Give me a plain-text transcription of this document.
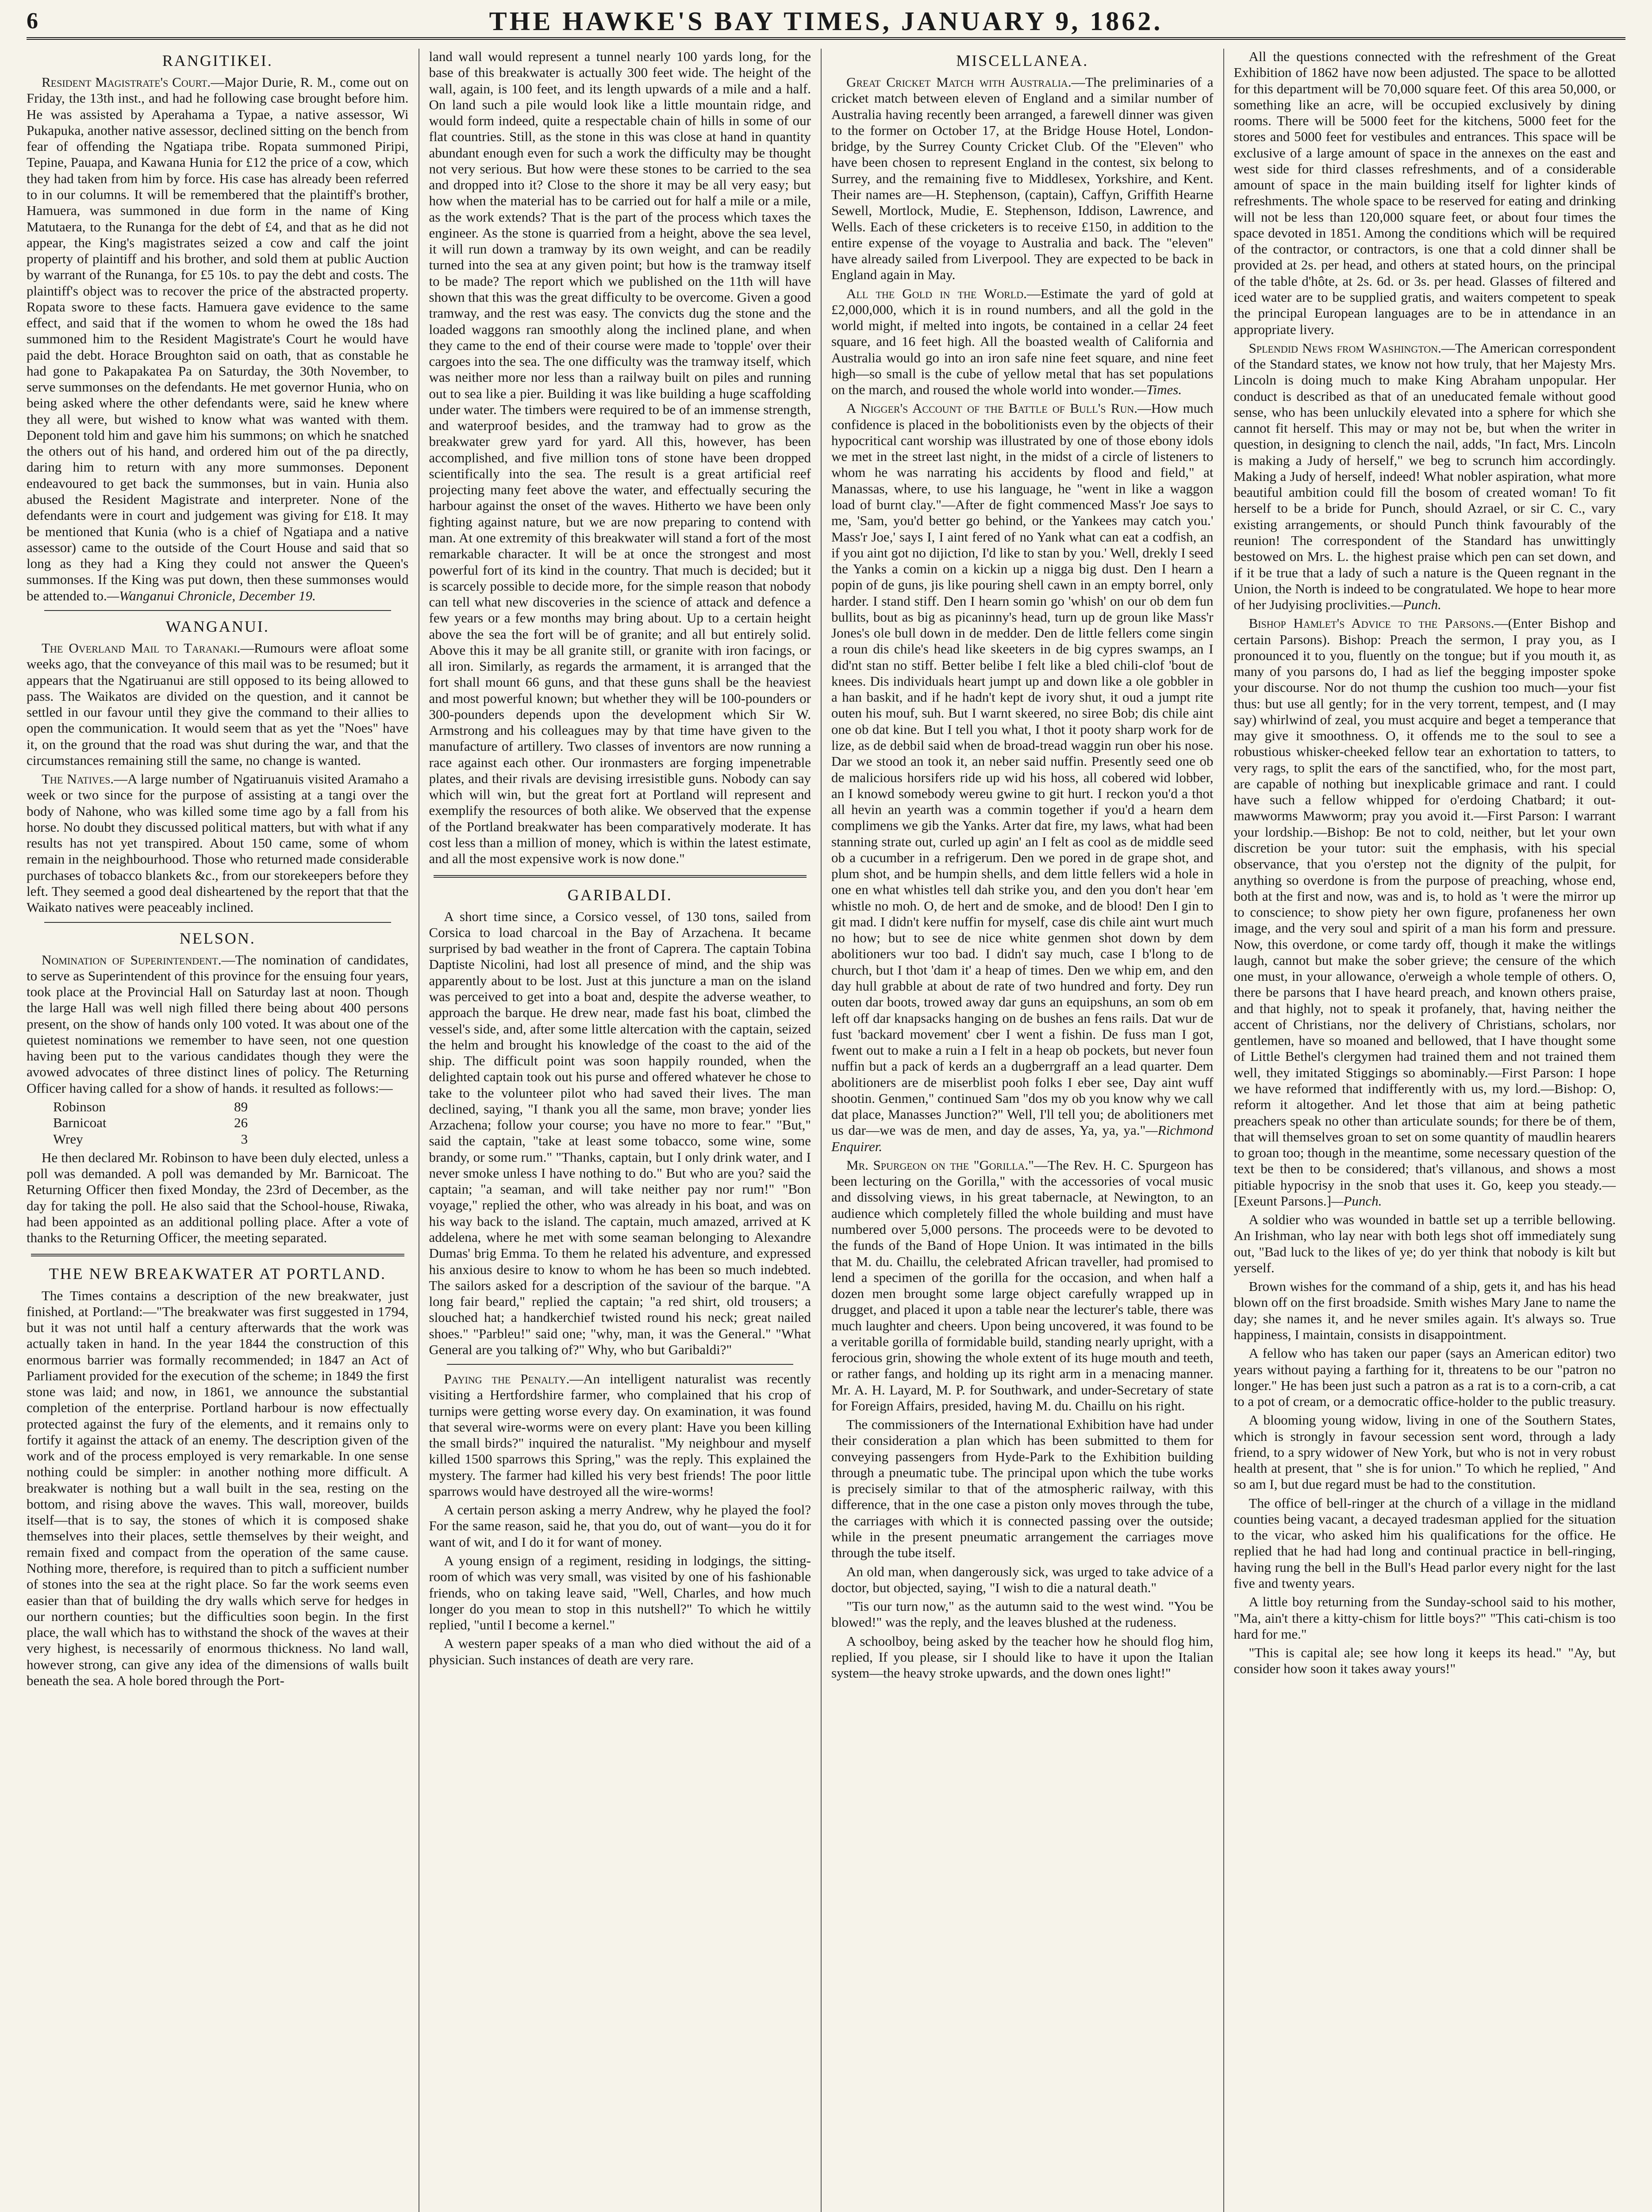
6	THE HAWKE'S BAY TIMES, JANUARY 9, 1862.
RANGITIKEI.

Resident Magistrate's Court.—Major Durie, R. M., come out on Friday, the 13th inst., and had he following case brought before him. He was assisted by Aperahama a Typae, a native assessor, Wi Pukapuka, another native assessor, declined sitting on the bench from fear of offending the Ngatiapa tribe. Ropata summoned Piripi, Tepine, Pauapa, and Kawana Hunia for £12 the price of a cow, which they had taken from him by force. His case has already been referred to in our columns. It will be remembered that the plaintiff's brother, Hamuera, was summoned in due form in the name of King Matutaera, to the Runanga for the debt of £4, and that as he did not appear, the King's magistrates seized a cow and calf the joint property of plaintiff and his brother, and sold them at public Auction by warrant of the Runanga, for £5 10s. to pay the debt and costs. The plaintiff's object was to recover the price of the abstracted property. Ropata swore to these facts. Hamuera gave evidence to the same effect, and said that if the women to whom he owed the 18s had summoned him to the Resident Magistrate's Court he would have paid the debt. Horace Broughton said on oath, that as constable he had gone to Pakapakatea Pa on Saturday, the 30th November, to serve summonses on the defendants. He met governor Hunia, who on being asked where the other defendants were, said he knew where they all were, but wished to know what was wanted with them. Deponent told him and gave him his summons; on which he snatched the others out of his hand, and ordered him out of the pa directly, daring him to return with any more summonses. Deponent endeavoured to get back the summonses, but in vain. Hunia also abused the Resident Magistrate and interpreter. None of the defendants were in court and judgement was giving for £18. It may be mentioned that Kunia (who is a chief of Ngatiapa and a native assessor) came to the outside of the Court House and said that so long as they had a King they could not answer the Queen's summonses. If the King was put down, then these summonses would be attended to.—Wanganui Chronicle, December 19.

WANGANUI.

The Overland Mail to Taranaki.—Rumours were afloat some weeks ago, that the conveyance of this mail was to be resumed; but it appears that the Ngatiruanui are still opposed to its being allowed to pass. The Waikatos are divided on the question, and it cannot be settled in our favour until they give the command to their allies to open the communication. It would seem that as yet the "Noes" have it, on the ground that the road was shut during the war, and that the circumstances remaining still the same, no change is wanted.

The Natives.—A large number of Ngatiruanuis visited Aramaho a week or two since for the purpose of assisting at a tangi over the body of Nahone, who was killed some time ago by a fall from his horse. No doubt they discussed political matters, but with what if any results has not yet transpired. About 150 came, some of whom remain in the neighbourhood. Those who returned made considerable purchases of tobacco blankets &c., from our storekeepers before they left. They seemed a good deal disheartened by the report that that the Waikato natives were peaceably inclined.

NELSON.

Nomination of Superintendent.—The nomination of candidates, to serve as Superintendent of this province for the ensuing four years, took place at the Provincial Hall on Saturday last at noon. Though the large Hall was well nigh filled there being about 400 persons present, on the show of hands only 100 voted. It was about one of the quietest nominations we remember to have seen, not one question having been put to the various candidates though they were the avowed advocates of three distinct lines of policy. The Returning Officer having called for a show of hands. it resulted as follows:—

Robinson	89
Barnicoat	26
Wrey	3

He then declared Mr. Robinson to have been duly elected, unless a poll was demanded. A poll was demanded by Mr. Barnicoat. The Returning Officer then fixed Monday, the 23rd of December, as the day for taking the poll. He also said that the School-house, Riwaka, had been appointed as an additional polling place. After a vote of thanks to the Returning Officer, the meeting separated.

THE NEW BREAKWATER AT PORTLAND.

The Times contains a description of the new breakwater, just finished, at Portland:—"The breakwater was first suggested in 1794, but it was not until half a century afterwards that the work was actually taken in hand. In the year 1844 the construction of this enormous barrier was formally recommended; in 1847 an Act of Parliament provided for the execution of the scheme; in 1849 the first stone was laid; and now, in 1861, we announce the substantial completion of the enterprise. Portland harbour is now effectually protected against the fury of the elements, and it remains only to fortify it against the attack of an enemy. The description given of the work and of the process employed is very remarkable. In one sense nothing could be simpler: in another nothing more difficult. A breakwater is nothing but a wall built in the sea, resting on the bottom, and rising above the waves. This wall, moreover, builds itself—that is to say, the stones of which it is composed shake themselves into their places, settle themselves by their weight, and remain fixed and compact from the operation of the same cause. Nothing more, therefore, is required than to pitch a sufficient number of stones into the sea at the right place. So far the work seems even easier than that of building the dry walls which serve for hedges in our northern counties; but the difficulties soon begin. In the first place, the wall which has to withstand the shock of the waves at their very highest, is necessarily of enormous thickness. No land wall, however strong, can give any idea of the dimensions of walls built beneath the sea. A hole bored through the Port-

land wall would represent a tunnel nearly 100 yards long, for the base of this breakwater is actually 300 feet wide. The height of the wall, again, is 100 feet, and its length upwards of a mile and a half. On land such a pile would look like a little mountain ridge, and would form indeed, quite a respectable chain of hills in some of our flat countries. Still, as the stone in this was close at hand in quantity abundant enough even for such a work the difficulty may be thought not very serious. But how were these stones to be carried to the sea and dropped into it? Close to the shore it may be all very easy; but how when the material has to be carried out for half a mile or a mile, as the work extends? That is the part of the process which taxes the engineer. As the stone is quarried from a height, above the sea level, it will run down a tramway by its own weight, and can be readily turned into the sea at any given point; but how is the tramway itself to be made? The report which we published on the 11th will have shown that this was the great difficulty to be overcome. Given a good tramway, and the rest was easy. The convicts dug the stone and the loaded waggons ran smoothly along the inclined plane, and when they came to the end of their course were made to 'topple' over their cargoes into the sea. The one difficulty was the tramway itself, which was neither more nor less than a railway built on piles and running out to sea like a pier. Building it was like building a huge scaffolding under water. The timbers were required to be of an immense strength, and waterproof besides, and the tramway had to grow as the breakwater grew yard for yard. All this, however, has been accomplished, and five million tons of stone have been dropped scientifically into the sea. The result is a great artificial reef projecting many feet above the water, and effectually securing the harbour against the onset of the waves. Hitherto we have been only fighting against nature, but we are now preparing to contend with man. At one extremity of this breakwater will stand a fort of the most remarkable character. It will be at once the strongest and most powerful fort of its kind in the country. That much is decided; but it is scarcely possible to decide more, for the simple reason that nobody can tell what new discoveries in the science of attack and defence a few years or a few months may bring about. Up to a certain height above the sea the fort will be of granite; and all but entirely solid. Above this it may be all granite still, or granite with iron facings, or all iron. Similarly, as regards the armament, it is arranged that the fort shall mount 66 guns, and that these guns shall be the heaviest and most powerful known; but whether they will be 100-pounders or 300-pounders depends upon the development which Sir W. Armstrong and his colleagues may by that time have given to the manufacture of artillery. Two classes of inventors are now running a race against each other. Our ironmasters are forging impenetrable plates, and their rivals are devising irresistible guns. Nobody can say which will win, but the great fort at Portland will represent and exemplify the resources of both alike. We observed that the expense of the Portland breakwater has been comparatively moderate. It has cost less than a million of money, which is within the latest estimate, and all the most expensive work is now done."

GARIBALDI.

A short time since, a Corsico vessel, of 130 tons, sailed from Corsica to load charcoal in the Bay of Arzachena. It became surprised by bad weather in the front of Caprera. The captain Tobina Daptiste Nicolini, had lost all presence of mind, and the ship was apparently about to be lost. Just at this juncture a man on the island was perceived to get into a boat and, despite the adverse weather, to approach the barque. He drew near, made fast his boat, climbed the vessel's side, and, after some little altercation with the captain, seized the helm and brought his knowledge of the coast to the aid of the ship. The difficult point was soon happily rounded, when the delighted captain took out his purse and offered whatever he chose to take to the volunteer pilot who had saved their lives. The man declined, saying, "I thank you all the same, mon brave; yonder lies Arzachena; follow your course; you have no more to fear." "But," said the captain, "take at least some tobacco, some wine, some brandy, or some rum." "Thanks, captain, but I only drink water, and I never smoke unless I have nothing to do." But who are you? said the captain; "a seaman, and will take neither pay nor rum!" "Bon voyage," replied the other, who was already in his boat, and was on his way back to the island. The captain, much amazed, arrived at K addelena, where he met with some seaman belonging to Alexandre Dumas' brig Emma. To them he related his adventure, and expressed his anxious desire to know to whom he has been so much indebted. The sailors asked for a description of the saviour of the barque. "A long fair beard," replied the captain; "a red shirt, old trousers; a slouched hat; a handkerchief twisted round his neck; great nailed shoes." "Parbleu!" said one; "why, man, it was the General." "What General are you talking of?" Why, who but Garibaldi?"

Paying the Penalty.—An intelligent naturalist was recently visiting a Hertfordshire farmer, who complained that his crop of turnips were getting worse every day. On examination, it was found that several wire-worms were on every plant: Have you been killing the small birds?" inquired the naturalist. "My neighbour and myself killed 1500 sparrows this Spring," was the reply. This explained the mystery. The farmer had killed his very best friends! The poor little sparrows would have destroyed all the wire-worms!

A certain person asking a merry Andrew, why he played the fool? For the same reason, said he, that you do, out of want—you do it for want of wit, and I do it for want of money.

A young ensign of a regiment, residing in lodgings, the sitting-room of which was very small, was visited by one of his fashionable friends, who on taking leave said, "Well, Charles, and how much longer do you mean to stop in this nutshell?" To which he wittily replied, "until I become a kernel."

A western paper speaks of a man who died without the aid of a physician. Such instances of death are very rare.

MISCELLANEA.

Great Cricket Match with Australia.—The preliminaries of a cricket match between eleven of England and a similar number of Australia having recently been arranged, a farewell dinner was given to the former on October 17, at the Bridge House Hotel, London-bridge, by the Surrey County Cricket Club. Of the "Eleven" who have been chosen to represent England in the contest, six belong to Surrey, and the remaining five to Middlesex, Yorkshire, and Kent. Their names are—H. Stephenson, (captain), Caffyn, Griffith Hearne Sewell, Mortlock, Mudie, E. Stephenson, Iddison, Lawrence, and Wells. Each of these cricketers is to receive £150, in addition to the entire expense of the voyage to Australia and back. The "eleven" have already sailed from Liverpool. They are expected to be back in England again in May.

All the Gold in the World.—Estimate the yard of gold at £2,000,000, which it is in round numbers, and all the gold in the world might, if melted into ingots, be contained in a cellar 24 feet square, and 16 feet high. All the boasted wealth of California and Australia would go into an iron safe nine feet square, and nine feet high—so small is the cube of yellow metal that has set populations on the march, and roused the whole world into wonder.—Times.

A Nigger's Account of the Battle of Bull's Run.—How much confidence is placed in the bobolitionists even by the objects of their hypocritical cant worship was illustrated by one of those ebony idols we met in the street last night, in the midst of a circle of listeners to whom he was narrating his accidents by flood and field," at Manassas, where, to use his language, he "went in like a waggon load of burnt clay."—After de fight commenced Mass'r Joe says to me, 'Sam, you'd better go behind, or the Yankees may catch you.' Mass'r Joe,' says I, I aint fered of no Yank what can eat a codfish, an if you aint got no dijiction, I'd like to stan by you.' Well, drekly I seed the Yanks a comin on a kickin up a nigga big dust. Den I hearn a popin of de guns, jis like pouring shell cawn in an empty borrel, only harder. I stand stiff. Den I hearn somin go 'whish' on our ob dem fun bullits, bout as big as picaninny's head, turn up de groun like Mass'r Jones's ole bull down in de medder. Den de little fellers come singin a roun dis chile's head like skeeters in de big cypres swamps, an I did'nt stan no stiff. Better belibe I felt like a bled chili-clof 'bout de knees. Dis individuals heart jumpt up and down like a ole gobbler in a han baskit, and if he hadn't kept de ivory shut, it oud a jumpt rite outen his mouf, suh. But I warnt skeered, no siree Bob; dis chile aint one ob dat kine. But I tell you what, I thot it pooty sharp work for de lize, as de debbil said when de broad-tread waggin run ober his nose. Dar we stood an took it, an neber said nuffin. Presently seed one ob de malicious horsifers ride up wid his hoss, all cobered wid lobber, an I knowd somebody wereu gwine to git hurt. I reckon you'd a thot all hevin an yearth was a commin together if you'd a hearn dem complimens we gib the Yanks. Arter dat fire, my laws, what had been stanning strate out, curled up agin' an I felt as cool as de middle seed ob a cucumber in a refrigerum. Den we pored in de grape shot, and plum shot, and be humpin shells, and dem little fellers wid a hole in one en what whistles tell dah strike you, and den you don't hear 'em whistle no moh. O, de hert and de smoke, and de blood! Den I gin to git mad. I didn't kere nuffin for myself, case dis chile aint wurt much no how; but to see de nice white genmen shot down by dem abolitioners wur too bad. I didn't say much, case I b'long to de church, but I thot 'dam it' a heap of times. Den we whip em, and den day hull grabble at about de rate of two hundred and forty. Dey run outen dar boots, trowed away dar guns an equipshuns, an som ob em left off dar knapsacks hanging on de bushes an fens rails. Dat wur de fust 'backard movement' cber I went a fishin. De fuss man I got, fwent out to make a ruin a I felt in a heap ob pockets, but never foun nuffin but a pack of kerds an a dugberrgraff an a lead quarter. Dem abolitioners are de miserblist pooh folks I eber see, Day aint wuff shootin. Genmen," continued Sam "dos my ob you know why we call dat place, Manasses Junction?" Well, I'll tell you; de abolitioners met us dar—we was de men, and day de asses, Ya, ya, ya."—Richmond Enquirer.

Mr. Spurgeon on the "Gorilla."—The Rev. H. C. Spurgeon has been lecturing on the Gorilla," with the accessories of vocal music and dissolving views, in his great tabernacle, at Newington, to an audience which completely filled the whole building and must have numbered over 5,000 persons. The proceeds were to be devoted to the funds of the Band of Hope Union. It was intimated in the bills that M. du. Chaillu, the celebrated African traveller, had promised to lend a specimen of the gorilla for the occasion, and when half a dozen men brought some large object carefully wrapped up in drugget, and placed it upon a table near the lecturer's table, there was much laughter and cheers. Upon being uncovered, it was found to be a veritable gorilla of formidable build, standing nearly upright, with a ferocious grin, showing the whole extent of its huge mouth and teeth, or rather fangs, and holding up its right arm in a menacing manner. Mr. A. H. Layard, M. P. for Southwark, and under-Secretary of state for Foreign Affairs, presided, having M. du. Chaillu on his right.

The commissioners of the International Exhibition have had under their consideration a plan which has been submitted to them for conveying passengers from Hyde-Park to the Exhibition building through a pneumatic tube. The principal upon which the tube works is precisely similar to that of the atmospheric railway, with this difference, that in the one case a piston only moves through the tube, the carriages with which it is connected passing over the outside; while in the present pneumatic arrangement the carriages move through the tube itself.

An old man, when dangerously sick, was urged to take advice of a doctor, but objected, saying, "I wish to die a natural death."

"Tis our turn now," as the autumn said to the west wind. "You be blowed!" was the reply, and the leaves blushed at the rudeness.

A schoolboy, being asked by the teacher how he should flog him, replied, If you please, sir I should like to have it upon the Italian system—the heavy stroke upwards, and the down ones light!"

All the questions connected with the refreshment of the Great Exhibition of 1862 have now been adjusted. The space to be allotted for this department will be 70,000 square feet. Of this area 50,000, or something like an acre, will be occupied exclusively by dining rooms. There will be 5000 feet for the kitchens, 5000 feet for the stores and 5000 feet for vestibules and entrances. This space will be exclusive of a large amount of space in the annexes on the east and west side for third classes refreshments, and of a considerable amount of space in the main building itself for lighter kinds of refreshments. The whole space to be reserved for eating and drinking will not be less than 120,000 square feet, or about four times the space devoted in 1851. Among the conditions which will be required of the contractor, or contractors, is one that a cold dinner shall be provided at 2s. per head, and others at stated hours, on the principal of the table d'hôte, at 2s. 6d. or 3s. per head. Glasses of filtered and iced water are to be supplied gratis, and waiters competent to speak the principal European languages are to be in attendance in an appropriate livery.

Splendid News from Washington.—The American correspondent of the Standard states, we know not how truly, that her Majesty Mrs. Lincoln is doing much to make King Abraham unpopular. Her conduct is described as that of an uneducated female without good sense, who has been unluckily elevated into a sphere for which she cannot fit herself. This may or may not be, but when the writer in question, in designing to clench the nail, adds, "In fact, Mrs. Lincoln is making a Judy of herself," we beg to scrunch him accordingly. Making a Judy of herself, indeed! What nobler aspiration, what more beautiful ambition could fill the bosom of created woman! To fit herself to be a bride for Punch, should Azrael, or sir C. C., vary existing arrangements, or should Punch think favourably of the reunion! The correspondent of the Standard has unwittingly bestowed on Mrs. L. the highest praise which pen can set down, and if it be true that a lady of such a nature is the Queen regnant in the Union, the North is indeed to be congratulated. We hope to hear more of her Judyising proclivities.—Punch.

Bishop Hamlet's Advice to the Parsons.—(Enter Bishop and certain Parsons). Bishop: Preach the sermon, I pray you, as I pronounced it to you, fluently on the tongue; but if you mouth it, as many of you parsons do, I had as lief the begging imposter spoke your discourse. Nor do not thump the cushion too much—your fist thus: but use all gently; for in the very torrent, tempest, and (I may say) whirlwind of zeal, you must acquire and beget a temperance that may give it smoothness. O, it offends me to the soul to see a robustious whisker-cheeked fellow tear an exhortation to tatters, to very rags, to split the ears of the sanctified, who, for the most part, are capable of nothing but inexplicable grimace and rant. I could have such a fellow whipped for o'erdoing Chatbard; it out-mawworms Mawworm; pray you avoid it.—First Parson: I warrant your lordship.—Bishop: Be not to cold, neither, but let your own discretion be your tutor: suit the emphasis, with his special observance, that you o'erstep not the dignity of the pulpit, for anything so overdone is from the purpose of preaching, whose end, both at the first and now, was and is, to hold as 't were the mirror up to conscience; to show piety her own figure, profaneness her own image, and the very soul and spirit of a man his form and pressure. Now, this overdone, or come tardy off, though it make the witlings laugh, cannot but make the sober grieve; the censure of the which one must, in your allowance, o'erweigh a whole temple of others. O, there be parsons that I have heard preach, and known others praise, and that highly, not to speak it profanely, that, having neither the accent of Christians, nor the delivery of Christians, scholars, nor gentlemen, have so moaned and bellowed, that I have thought some of Little Bethel's clergymen had trained them and not trained them well, they imitated Stiggings so abominably.—First Parson: I hope we have reformed that indifferently with us, my lord.—Bishop: O, reform it altogether. And let those that aim at being pathetic preachers speak no other than articulate sounds; for there be of them, that will themselves groan to set on some quantity of maudlin hearers to groan too; though in the meantime, some necessary question of the text be then to be considered; that's villanous, and shows a most pitiable hypocrisy in the snob that uses it. Go, keep you steady.—[Exeunt Parsons.]—Punch.

A soldier who was wounded in battle set up a terrible bellowing. An Irishman, who lay near with both legs shot off immediately sung out, "Bad luck to the likes of ye; do yer think that nobody is kilt but yerself.

Brown wishes for the command of a ship, gets it, and has his head blown off on the first broadside. Smith wishes Mary Jane to name the day; she names it, and he never smiles again. It's always so. True happiness, I maintain, consists in disappointment.

A fellow who has taken our paper (says an American editor) two years without paying a farthing for it, threatens to be our "patron no longer." He has been just such a patron as a rat is to a corn-crib, a cat to a pot of cream, or a democratic office-holder to the public treasury.

A blooming young widow, living in one of the Southern States, which is strongly in favour secession sent word, through a lady friend, to a spry widower of New York, but who is not in very robust health at present, that " she is for union." To which he replied, " And so am I, but due regard must be had to the constitution.

The office of bell-ringer at the church of a village in the midland counties being vacant, a decayed tradesman applied for the situation to the vicar, who asked him his qualifications for the office. He replied that he had had long and continual practice in bell-ringing, having rung the bell in the Bull's Head parlor every night for the last five and twenty years.

A little boy returning from the Sunday-school said to his mother, "Ma, ain't there a kitty-chism for little boys?" "This cati-chism is too hard for me."

"This is capital ale; see how long it keeps its head." "Ay, but consider how soon it takes away yours!"
